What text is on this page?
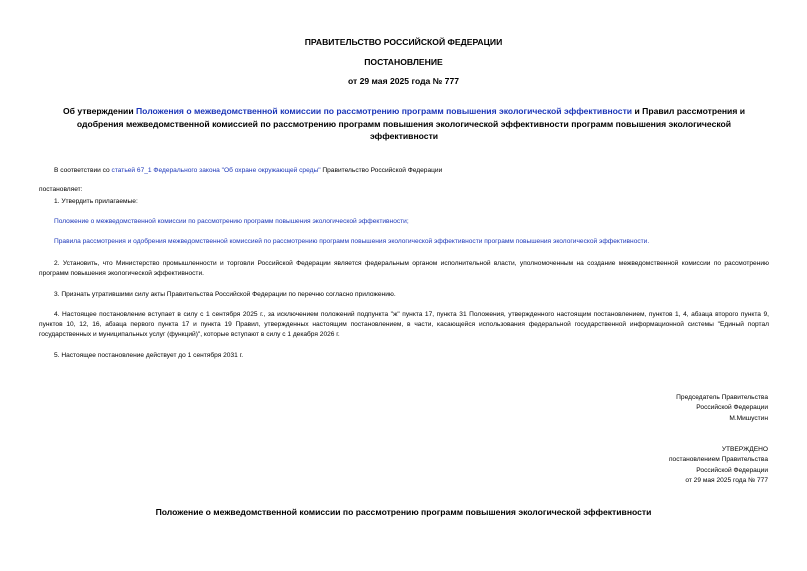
ПРАВИТЕЛЬСТВО РОССИЙСКОЙ ФЕДЕРАЦИИ
ПОСТАНОВЛЕНИЕ
от 29 мая 2025 года № 777
Об утверждении Положения о межведомственной комиссии по рассмотрению программ повышения экологической эффективности и Правил рассмотрения и одобрения межведомственной комиссией по рассмотрению программ повышения экологической эффективности программ повышения экологической эффективности
В соответствии со статьей 67_1 Федерального закона "Об охране окружающей среды" Правительство Российской Федерации
постановляет:
1. Утвердить прилагаемые:
Положение о межведомственной комиссии по рассмотрению программ повышения экологической эффективности;
Правила рассмотрения и одобрения межведомственной комиссией по рассмотрению программ повышения экологической эффективности программ повышения экологической эффективности.
2. Установить, что Министерство промышленности и торговли Российской Федерации является федеральным органом исполнительной власти, уполномоченным на создание межведомственной комиссии по рассмотрению программ повышения экологической эффективности.
3. Признать утратившими силу акты Правительства Российской Федерации по перечню согласно приложению.
4. Настоящее постановление вступает в силу с 1 сентября 2025 г., за исключением положений подпункта "ж" пункта 17, пункта 31 Положения, утвержденного настоящим постановлением, пунктов 1, 4, абзаца второго пункта 9, пунктов 10, 12, 16, абзаца первого пункта 17 и пункта 19 Правил, утвержденных настоящим постановлением, в части, касающейся использования федеральной государственной информационной системы "Единый портал государственных и муниципальных услуг (функций)", которые вступают в силу с 1 декабря 2026 г.
5. Настоящее постановление действует до 1 сентября 2031 г.
Председатель Правительства
Российской Федерации
М.Мишустин
УТВЕРЖДЕНО
постановлением Правительства
Российской Федерации
от 29 мая 2025 года № 777
Положение о межведомственной комиссии по рассмотрению программ повышения экологической эффективности
